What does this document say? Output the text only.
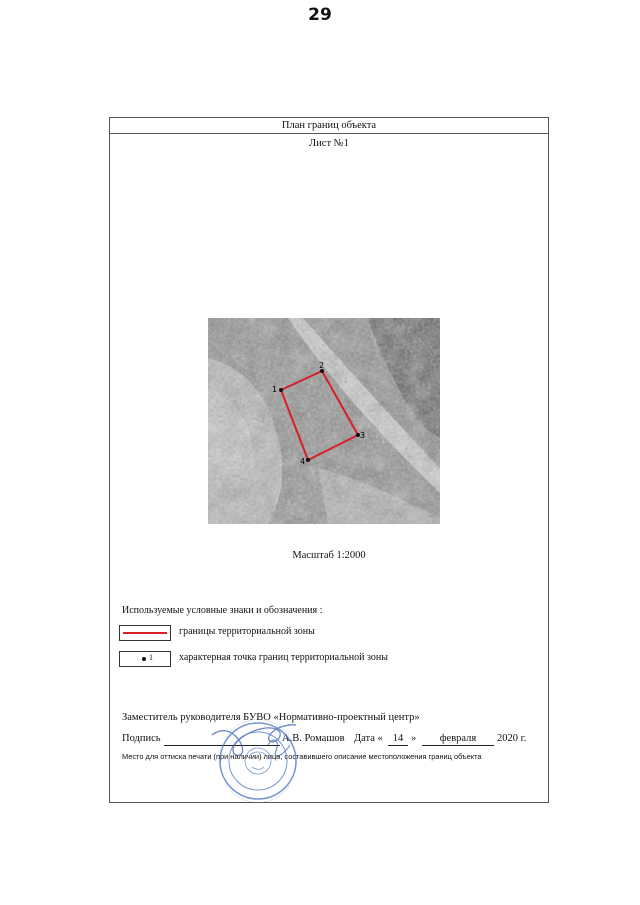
29
План границ объекта
Лист №1
1
2
3
4
Масштаб 1:2000
Используемые условные знаки и обозначения :
границы территориальной зоны
1	характерная точка границ территориальной зоны
Заместитель руководителя БУВО «Нормативно-проектный центр»
Подпись	А.В. Ромашов Дата « 14 »	февраля	2020 г.
Место для оттиска печати (при наличии) лица, составившего описание местоположения границ объекта
